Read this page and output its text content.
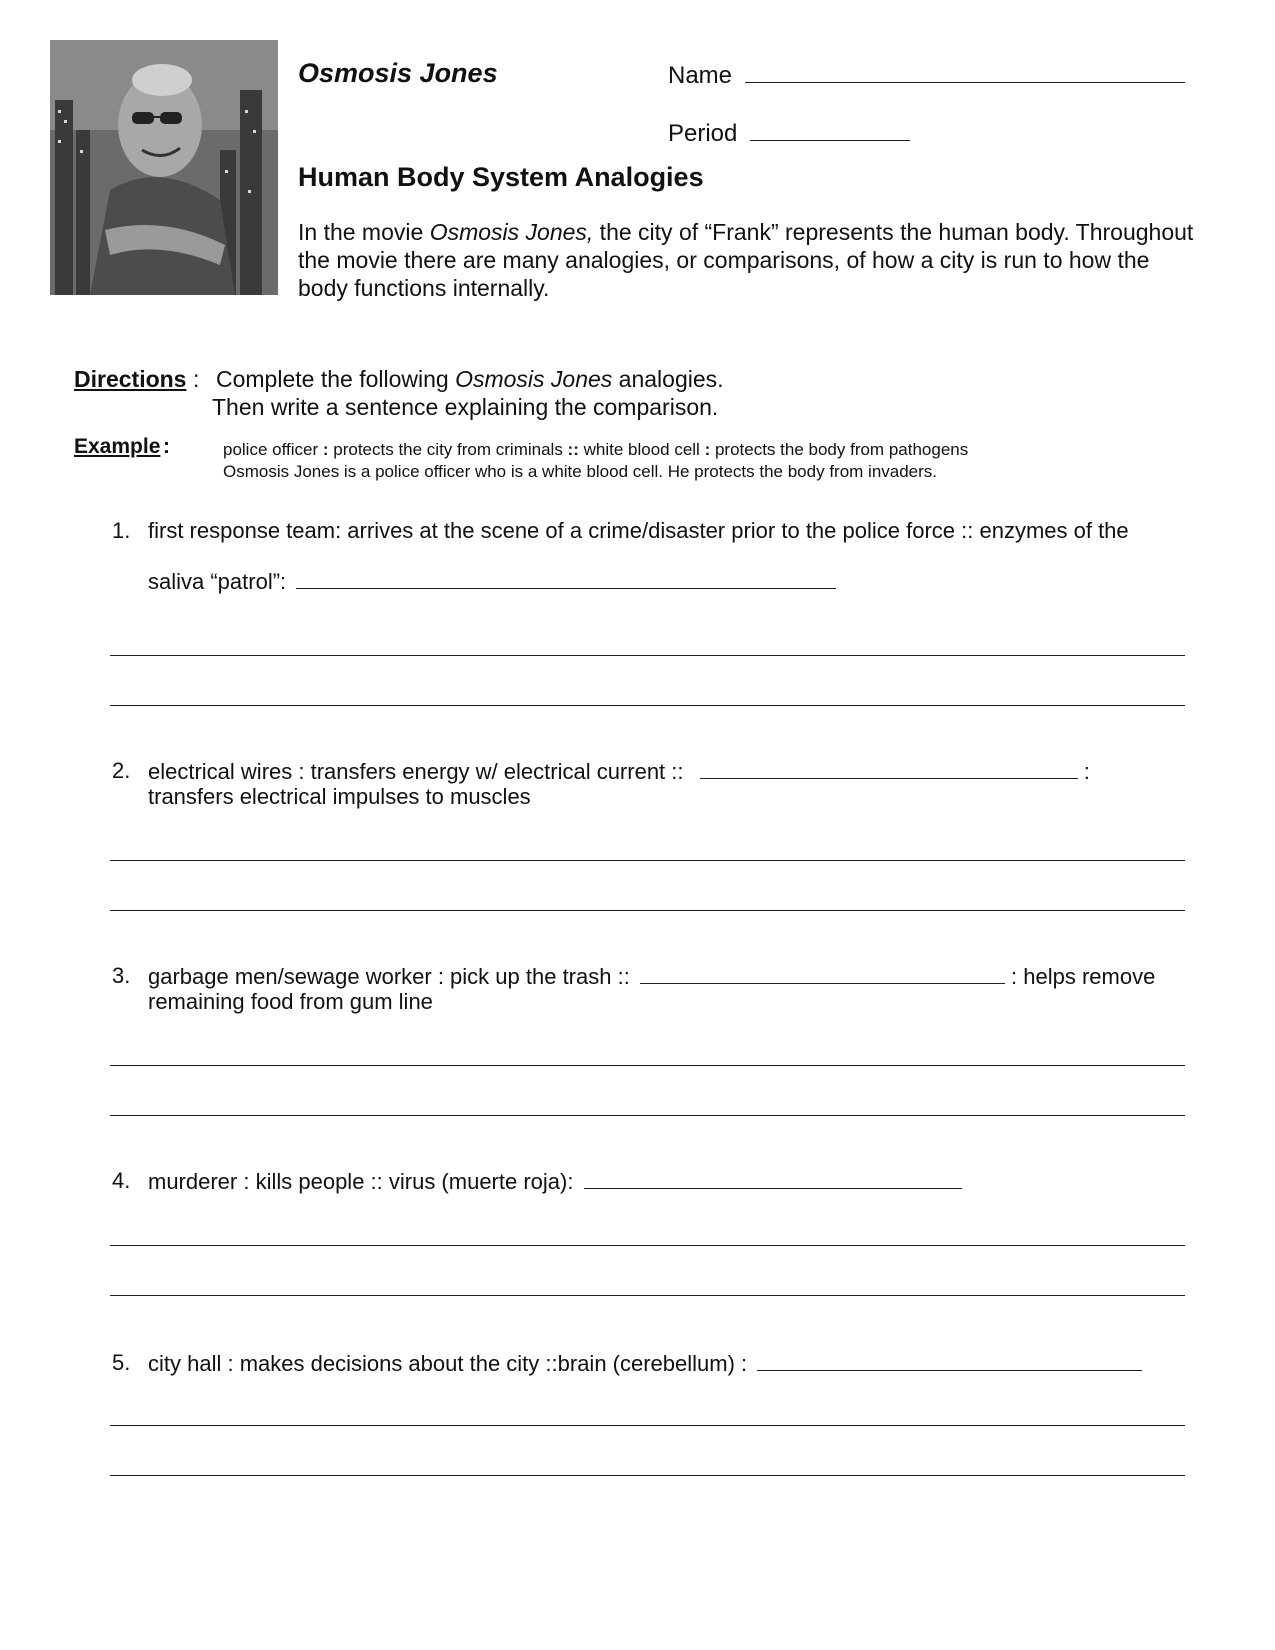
Osmosis Jones	Name
Period
Human Body System Analogies
In the movie Osmosis Jones, the city of “Frank” represents the human body. Throughout the movie there are many analogies, or comparisons, of how a city is run to how the body functions internally.
Directions : Complete the following Osmosis Jones analogies.
Then write a sentence explaining the comparison.
Example :	police officer : protects the city from criminals :: white blood cell : protects the body from pathogens
Osmosis Jones is a police officer who is a white blood cell. He protects the body from invaders.
1. first response team: arrives at the scene of a crime/disaster prior to the police force :: enzymes of the
saliva “patrol”:
2. electrical wires : transfers energy w/ electrical current ::	:
transfers electrical impulses to muscles
3. garbage men/sewage worker : pick up the trash ::	: helps remove
remaining food from gum line
4. murderer : kills people :: virus (muerte roja):
5. city hall : makes decisions about the city ::brain (cerebellum) :
